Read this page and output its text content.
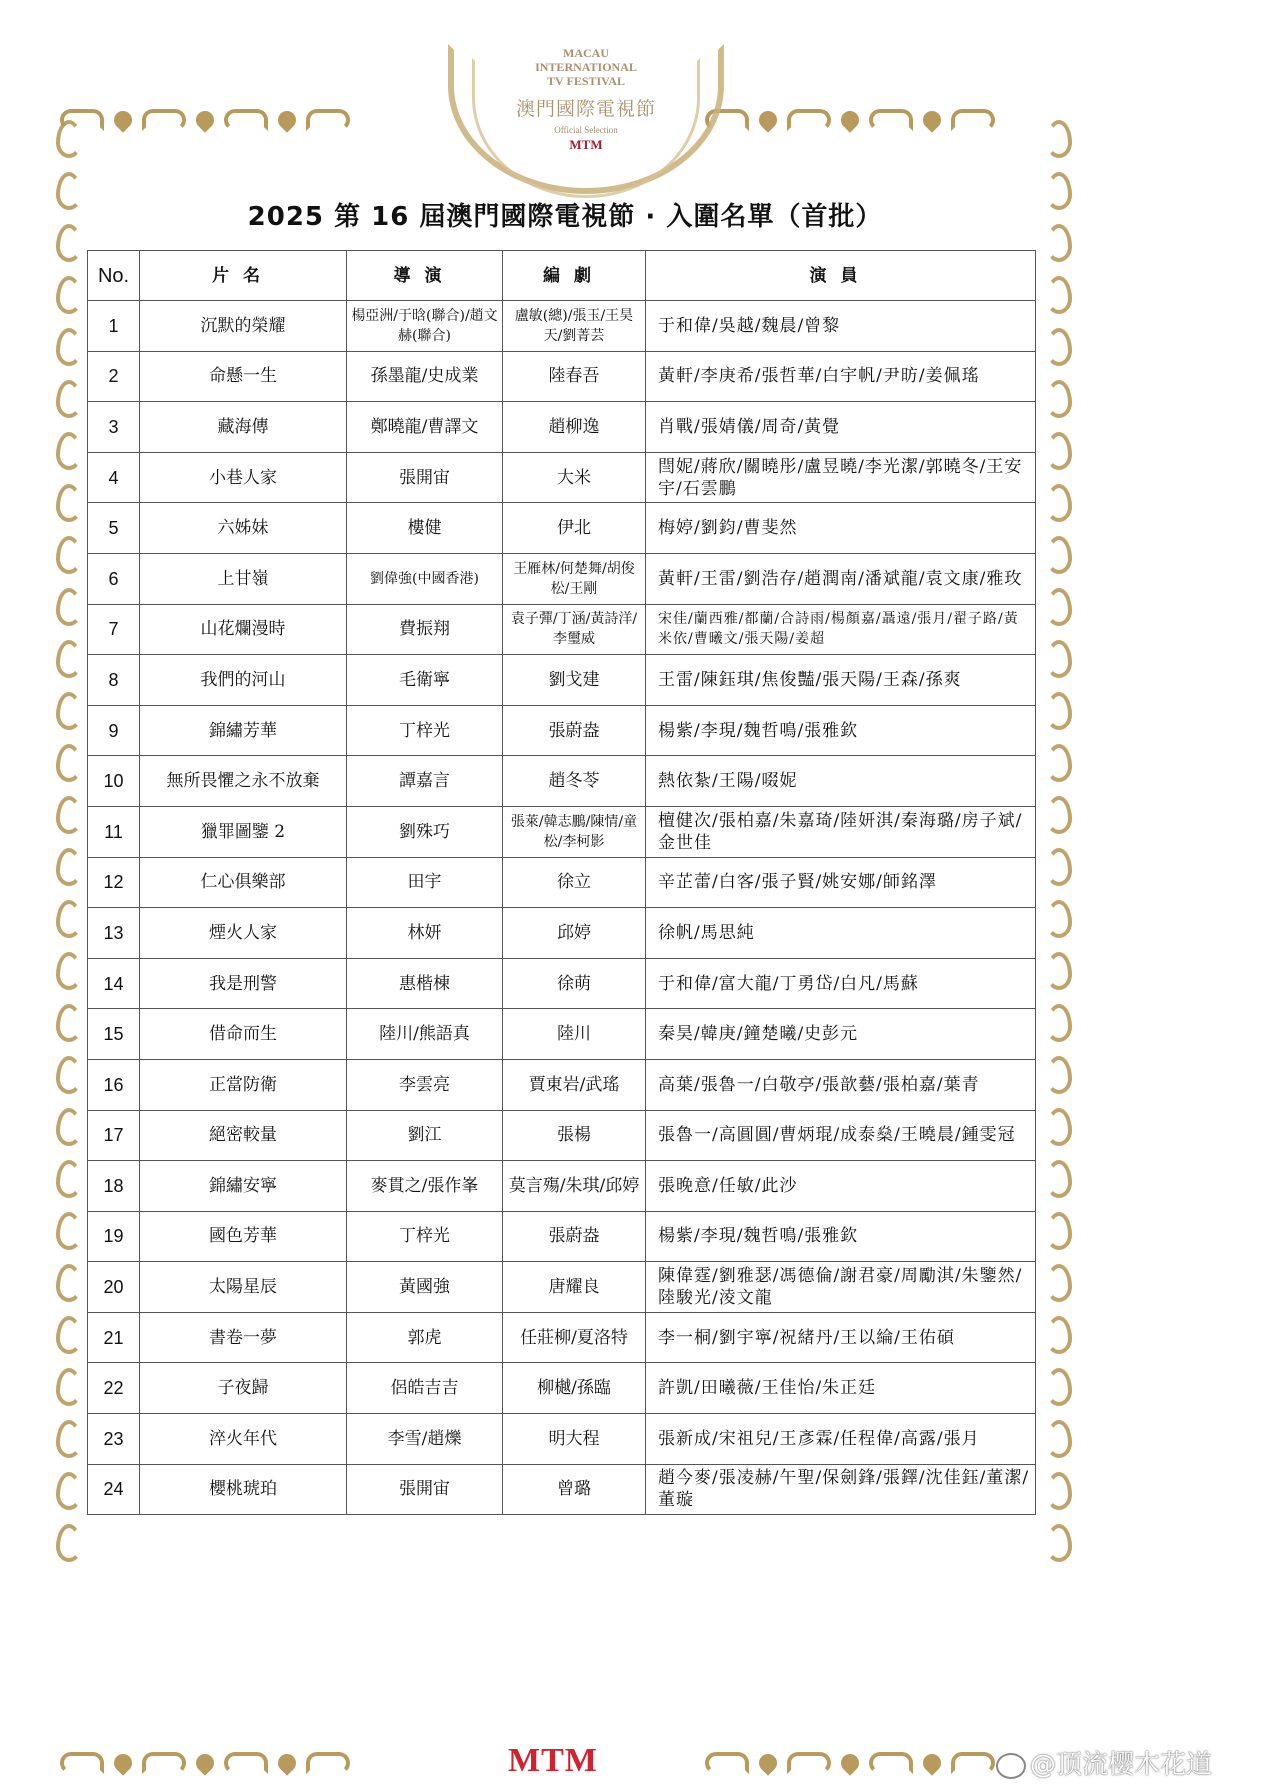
MACAU
INTERNATIONAL
TV FESTIVAL
澳門國際電視節
Official Selection
MTM
2025 第 16 屆澳門國際電視節 · 入圍名單（首批）
No.	片名	導演	編劇	演員
1	沉默的榮耀	楊亞洲/于晗(聯合)/趙文赫(聯合)	盧敏(總)/張玉/王昊天/劉菁芸	于和偉/吳越/魏晨/曾黎
2	命懸一生	孫墨龍/史成業	陸春吾	黃軒/李庚希/張哲華/白宇帆/尹昉/姜佩瑤
3	藏海傳	鄭曉龍/曹譯文	趙柳逸	肖戰/張婧儀/周奇/黃覺
4	小巷人家	張開宙	大米	閆妮/蔣欣/關曉彤/盧昱曉/李光潔/郭曉冬/王安宇/石雲鵬
5	六姊妹	樓健	伊北	梅婷/劉鈞/曹斐然
6	上甘嶺	劉偉強(中國香港)	王雁林/何楚舞/胡俊松/王剛	黃軒/王雷/劉浩存/趙潤南/潘斌龍/袁文康/雅玫
7	山花爛漫時	費振翔	袁子彈/丁涵/黃詩洋/李璽威	宋佳/蘭西雅/都蘭/合詩雨/楊顏嘉/聶遠/張月/翟子路/黃米依/曹曦文/張天陽/姜超
8	我們的河山	毛衛寧	劉戈建	王雷/陳鈺琪/焦俊豔/張天陽/王森/孫爽
9	錦繡芳華	丁梓光	張蔚盎	楊紫/李現/魏哲鳴/張雅欽
10	無所畏懼之永不放棄	譚嘉言	趙冬苓	熱依紮/王陽/啜妮
11	獵罪圖鑒 2	劉殊巧	張萊/韓志鵬/陳情/童松/李柯影	檀健次/張柏嘉/朱嘉琦/陸妍淇/秦海璐/房子斌/金世佳
12	仁心俱樂部	田宇	徐立	辛芷蕾/白客/張子賢/姚安娜/師銘澤
13	煙火人家	林妍	邱婷	徐帆/馬思純
14	我是刑警	惠楷棟	徐萌	于和偉/富大龍/丁勇岱/白凡/馬蘇
15	借命而生	陸川/熊語真	陸川	秦昊/韓庚/鐘楚曦/史彭元
16	正當防衛	李雲亮	賈東岩/武瑤	高葉/張魯一/白敬亭/張歆藝/張柏嘉/葉青
17	絕密較量	劉江	張楊	張魯一/高圓圓/曹炳琨/成泰燊/王曉晨/鍾雯冠
18	錦繡安寧	麥貫之/張作峯	莫言殤/朱琪/邱婷	張晚意/任敏/此沙
19	國色芳華	丁梓光	張蔚盎	楊紫/李現/魏哲鳴/張雅欽
20	太陽星辰	黃國強	唐耀良	陳偉霆/劉雅瑟/馮德倫/謝君豪/周勵淇/朱鑒然/陸駿光/淩文龍
21	書卷一夢	郭虎	任莊柳/夏洛特	李一桐/劉宇寧/祝緒丹/王以綸/王佑碩
22	子夜歸	侶皓吉吉	柳樾/孫臨	許凱/田曦薇/王佳怡/朱正廷
23	淬火年代	李雪/趙爍	明大程	張新成/宋祖兒/王彥霖/任程偉/高露/張月
24	櫻桃琥珀	張開宙	曾璐	趙今麥/張凌赫/午聖/保劍鋒/張鐸/沈佳鈺/董潔/董璇
MTM	@顶流樱木花道
